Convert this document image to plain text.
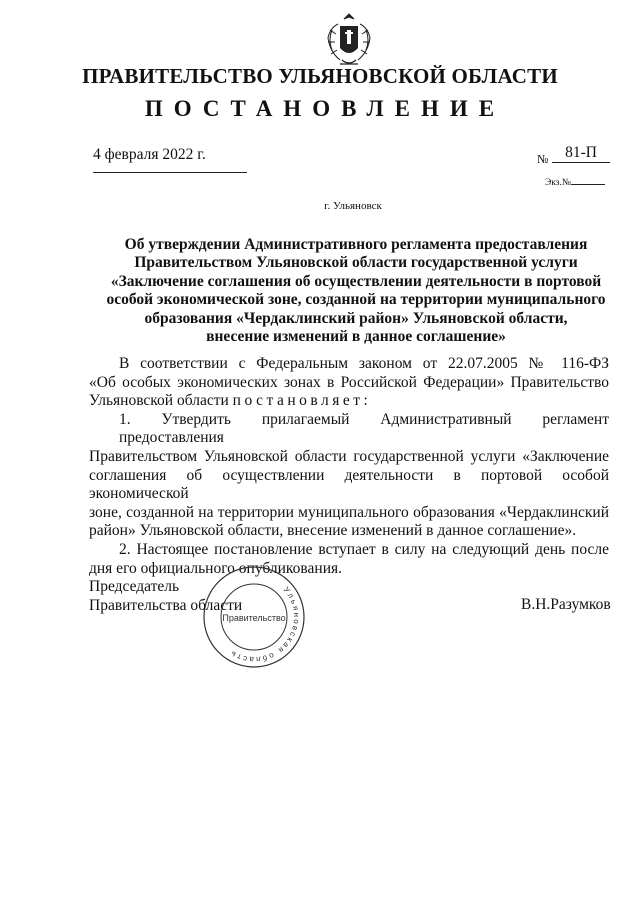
ПРАВИТЕЛЬСТВО УЛЬЯНОВСКОЙ ОБЛАСТИ
ПОСТАНОВЛЕНИЕ
4 февраля 2022 г.	№	81-П
Экз.№
г. Ульяновск
Об утверждении Административного регламента предоставления
Правительством Ульяновской области государственной услуги
«Заключение соглашения об осуществлении деятельности в портовой
особой экономической зоне, созданной на территории муниципального
образования «Чердаклинский район» Ульяновской области,
внесение изменений в данное соглашение»
В соответствии с Федеральным законом от 22.07.2005 № 116-ФЗ
«Об особых экономических зонах в Российской Федерации» Правительство
Ульяновской области постановляет:
1. Утвердить прилагаемый Административный регламент предоставления
Правительством Ульяновской области государственной услуги «Заключение
соглашения об осуществлении деятельности в портовой особой экономической
зоне, созданной на территории муниципального образования «Чердаклинский
район» Ульяновской области, внесение изменений в данное соглашение».
2. Настоящее постановление вступает в силу на следующий день после
дня его официального опубликования.
Ульяновская область
Правительство
Председатель
Правительства области	В.Н.Разумков
